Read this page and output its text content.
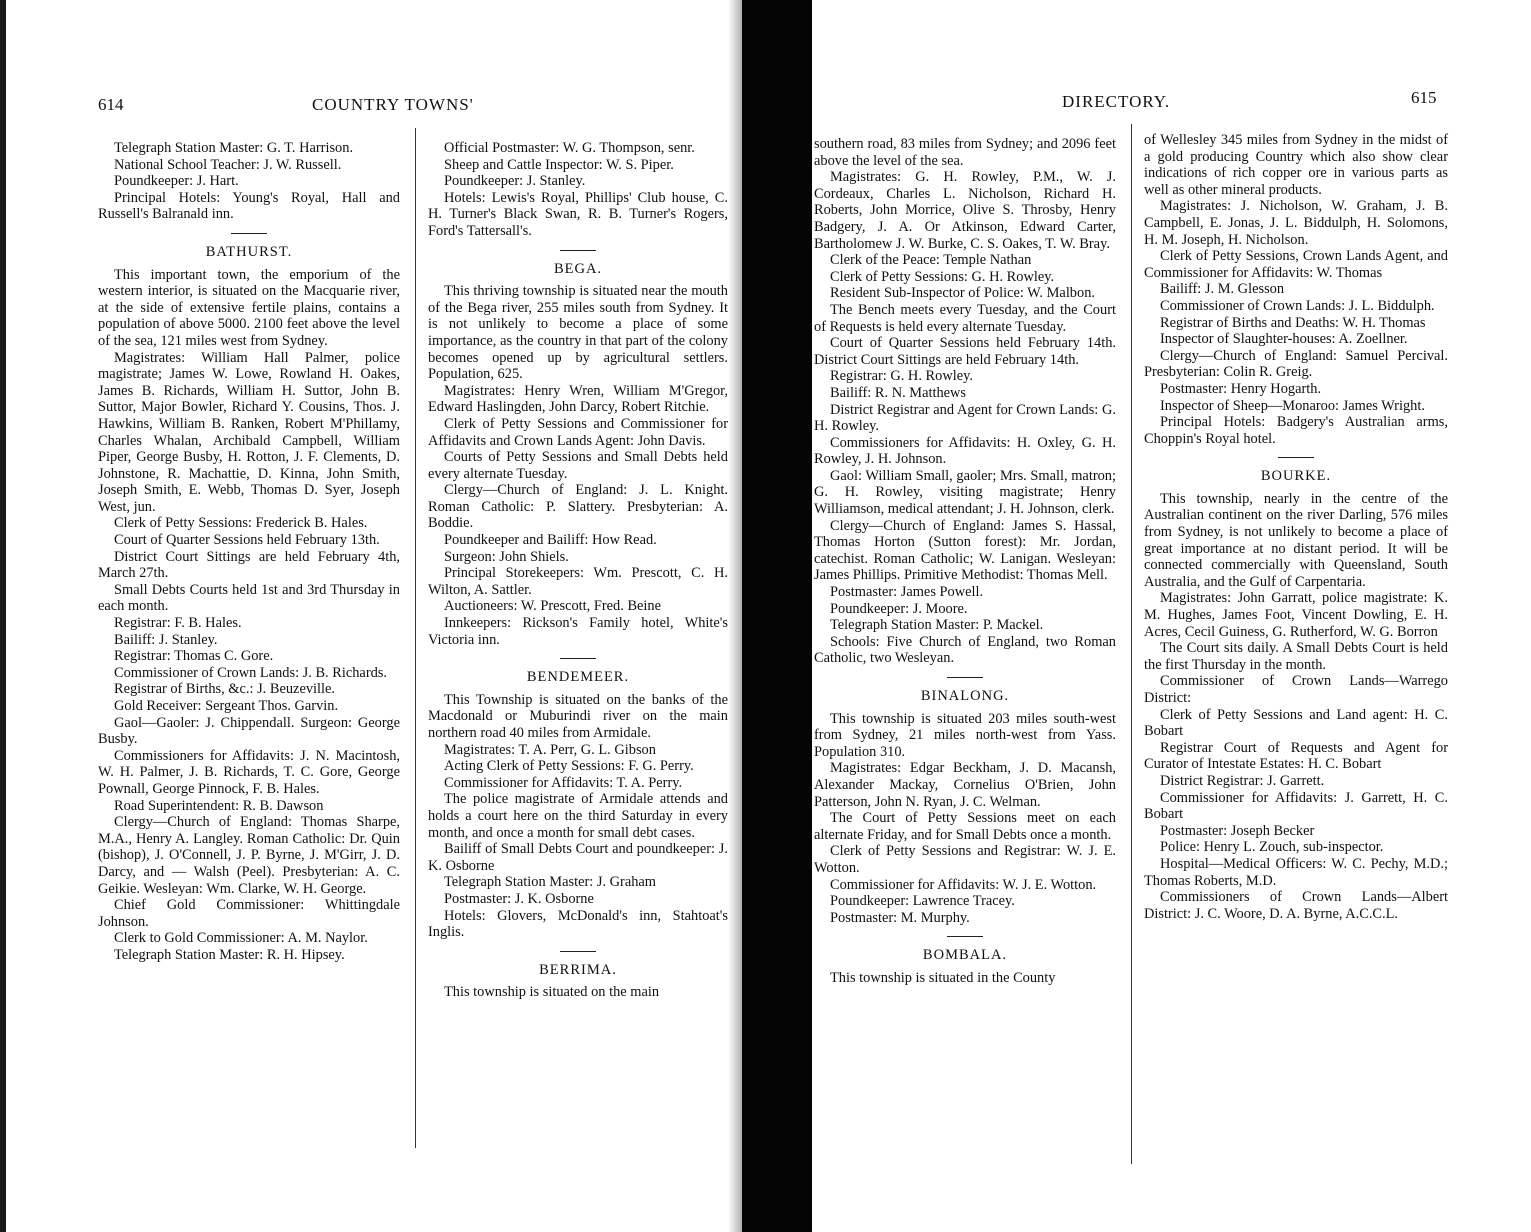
614	COUNTRY TOWNS'

Telegraph Station Master: G. T. Harrison.

National School Teacher: J. W. Russell.

Poundkeeper: J. Hart.

Principal Hotels: Young's Royal, Hall and Russell's Balranald inn.

BATHURST.

This important town, the emporium of the western interior, is situated on the Macquarie river, at the side of extensive fertile plains, contains a population of above 5000. 2100 feet above the level of the sea, 121 miles west from Sydney.

Magistrates: William Hall Palmer, police magistrate; James W. Lowe, Rowland H. Oakes, James B. Richards, William H. Suttor, John B. Suttor, Major Bowler, Richard Y. Cousins, Thos. J. Hawkins, William B. Ranken, Robert M'Phillamy, Charles Whalan, Archibald Campbell, William Piper, George Busby, H. Rotton, J. F. Clements, D. Johnstone, R. Machattie, D. Kinna, John Smith, Joseph Smith, E. Webb, Thomas D. Syer, Joseph West, jun.

Clerk of Petty Sessions: Frederick B. Hales.

Court of Quarter Sessions held February 13th.

District Court Sittings are held February 4th, March 27th.

Small Debts Courts held 1st and 3rd Thursday in each month.

Registrar: F. B. Hales.

Bailiff: J. Stanley.

Registrar: Thomas C. Gore.

Commissioner of Crown Lands: J. B. Richards.

Registrar of Births, &c.: J. Beuzeville.

Gold Receiver: Sergeant Thos. Garvin.

Gaol—Gaoler: J. Chippendall. Surgeon: George Busby.

Commissioners for Affidavits: J. N. Macintosh, W. H. Palmer, J. B. Richards, T. C. Gore, George Pownall, George Pinnock, F. B. Hales.

Road Superintendent: R. B. Dawson

Clergy—Church of England: Thomas Sharpe, M.A., Henry A. Langley. Roman Catholic: Dr. Quin (bishop), J. O'Connell, J. P. Byrne, J. M'Girr, J. D. Darcy, and — Walsh (Peel). Presbyterian: A. C. Geikie. Wesleyan: Wm. Clarke, W. H. George.

Chief Gold Commissioner: Whittingdale Johnson.

Clerk to Gold Commissioner: A. M. Naylor.

Telegraph Station Master: R. H. Hipsey.

Official Postmaster: W. G. Thompson, senr.

Sheep and Cattle Inspector: W. S. Piper.

Poundkeeper: J. Stanley.

Hotels: Lewis's Royal, Phillips' Club house, C. H. Turner's Black Swan, R. B. Turner's Rogers, Ford's Tattersall's.

BEGA.

This thriving township is situated near the mouth of the Bega river, 255 miles south from Sydney. It is not unlikely to become a place of some importance, as the country in that part of the colony becomes opened up by agricultural settlers. Population, 625.

Magistrates: Henry Wren, William M'Gregor, Edward Haslingden, John Darcy, Robert Ritchie.

Clerk of Petty Sessions and Commissioner for Affidavits and Crown Lands Agent: John Davis.

Courts of Petty Sessions and Small Debts held every alternate Tuesday.

Clergy—Church of England: J. L. Knight. Roman Catholic: P. Slattery. Presbyterian: A. Boddie.

Poundkeeper and Bailiff: How Read.

Surgeon: John Shiels.

Principal Storekeepers: Wm. Prescott, C. H. Wilton, A. Sattler.

Auctioneers: W. Prescott, Fred. Beine

Innkeepers: Rickson's Family hotel, White's Victoria inn.

BENDEMEER.

This Township is situated on the banks of the Macdonald or Muburindi river on the main northern road 40 miles from Armidale.

Magistrates: T. A. Perr, G. L. Gibson

Acting Clerk of Petty Sessions: F. G. Perry.

Commissioner for Affidavits: T. A. Perry.

The police magistrate of Armidale attends and holds a court here on the third Saturday in every month, and once a month for small debt cases.

Bailiff of Small Debts Court and poundkeeper: J. K. Osborne

Telegraph Station Master: J. Graham

Postmaster: J. K. Osborne

Hotels: Glovers, McDonald's inn, Stahtoat's Inglis.

BERRIMA.

This township is situated on the main

DIRECTORY.	615

southern road, 83 miles from Sydney; and 2096 feet above the level of the sea.

Magistrates: G. H. Rowley, P.M., W. J. Cordeaux, Charles L. Nicholson, Richard H. Roberts, John Morrice, Olive S. Throsby, Henry Badgery, J. A. Or Atkinson, Edward Carter, Bartholomew J. W. Burke, C. S. Oakes, T. W. Bray.

Clerk of the Peace: Temple Nathan

Clerk of Petty Sessions: G. H. Rowley.

Resident Sub-Inspector of Police: W. Malbon.

The Bench meets every Tuesday, and the Court of Requests is held every alternate Tuesday.

Court of Quarter Sessions held February 14th. District Court Sittings are held February 14th.

Registrar: G. H. Rowley.

Bailiff: R. N. Matthews

District Registrar and Agent for Crown Lands: G. H. Rowley.

Commissioners for Affidavits: H. Oxley, G. H. Rowley, J. H. Johnson.

Gaol: William Small, gaoler; Mrs. Small, matron; G. H. Rowley, visiting magistrate; Henry Williamson, medical attendant; J. H. Johnson, clerk.

Clergy—Church of England: James S. Hassal, Thomas Horton (Sutton forest): Mr. Jordan, catechist. Roman Catholic; W. Lanigan. Wesleyan: James Phillips. Primitive Methodist: Thomas Mell.

Postmaster: James Powell.

Poundkeeper: J. Moore.

Telegraph Station Master: P. Mackel.

Schools: Five Church of England, two Roman Catholic, two Wesleyan.

BINALONG.

This township is situated 203 miles south-west from Sydney, 21 miles north-west from Yass. Population 310.

Magistrates: Edgar Beckham, J. D. Macansh, Alexander Mackay, Cornelius O'Brien, John Patterson, John N. Ryan, J. C. Welman.

The Court of Petty Sessions meet on each alternate Friday, and for Small Debts once a month.

Clerk of Petty Sessions and Registrar: W. J. E. Wotton.

Commissioner for Affidavits: W. J. E. Wotton.

Poundkeeper: Lawrence Tracey.

Postmaster: M. Murphy.

BOMBALA.

This township is situated in the County

of Wellesley 345 miles from Sydney in the midst of a gold producing Country which also show clear indications of rich copper ore in various parts as well as other mineral products.

Magistrates: J. Nicholson, W. Graham, J. B. Campbell, E. Jonas, J. L. Biddulph, H. Solomons, H. M. Joseph, H. Nicholson.

Clerk of Petty Sessions, Crown Lands Agent, and Commissioner for Affidavits: W. Thomas

Bailiff: J. M. Glesson

Commissioner of Crown Lands: J. L. Biddulph.

Registrar of Births and Deaths: W. H. Thomas

Inspector of Slaughter-houses: A. Zoellner.

Clergy—Church of England: Samuel Percival. Presbyterian: Colin R. Greig.

Postmaster: Henry Hogarth.

Inspector of Sheep—Monaroo: James Wright.

Principal Hotels: Badgery's Australian arms, Choppin's Royal hotel.

BOURKE.

This township, nearly in the centre of the Australian continent on the river Darling, 576 miles from Sydney, is not unlikely to become a place of great importance at no distant period. It will be connected commercially with Queensland, South Australia, and the Gulf of Carpentaria.

Magistrates: John Garratt, police magistrate: K. M. Hughes, James Foot, Vincent Dowling, E. H. Acres, Cecil Guiness, G. Rutherford, W. G. Borron

The Court sits daily. A Small Debts Court is held the first Thursday in the month.

Commissioner of Crown Lands—Warrego District:

Clerk of Petty Sessions and Land agent: H. C. Bobart

Registrar Court of Requests and Agent for Curator of Intestate Estates: H. C. Bobart

District Registrar: J. Garrett.

Commissioner for Affidavits: J. Garrett, H. C. Bobart

Postmaster: Joseph Becker

Police: Henry L. Zouch, sub-inspector.

Hospital—Medical Officers: W. C. Pechy, M.D.; Thomas Roberts, M.D.

Commissioners of Crown Lands—Albert District: J. C. Woore, D. A. Byrne, A.C.C.L.
